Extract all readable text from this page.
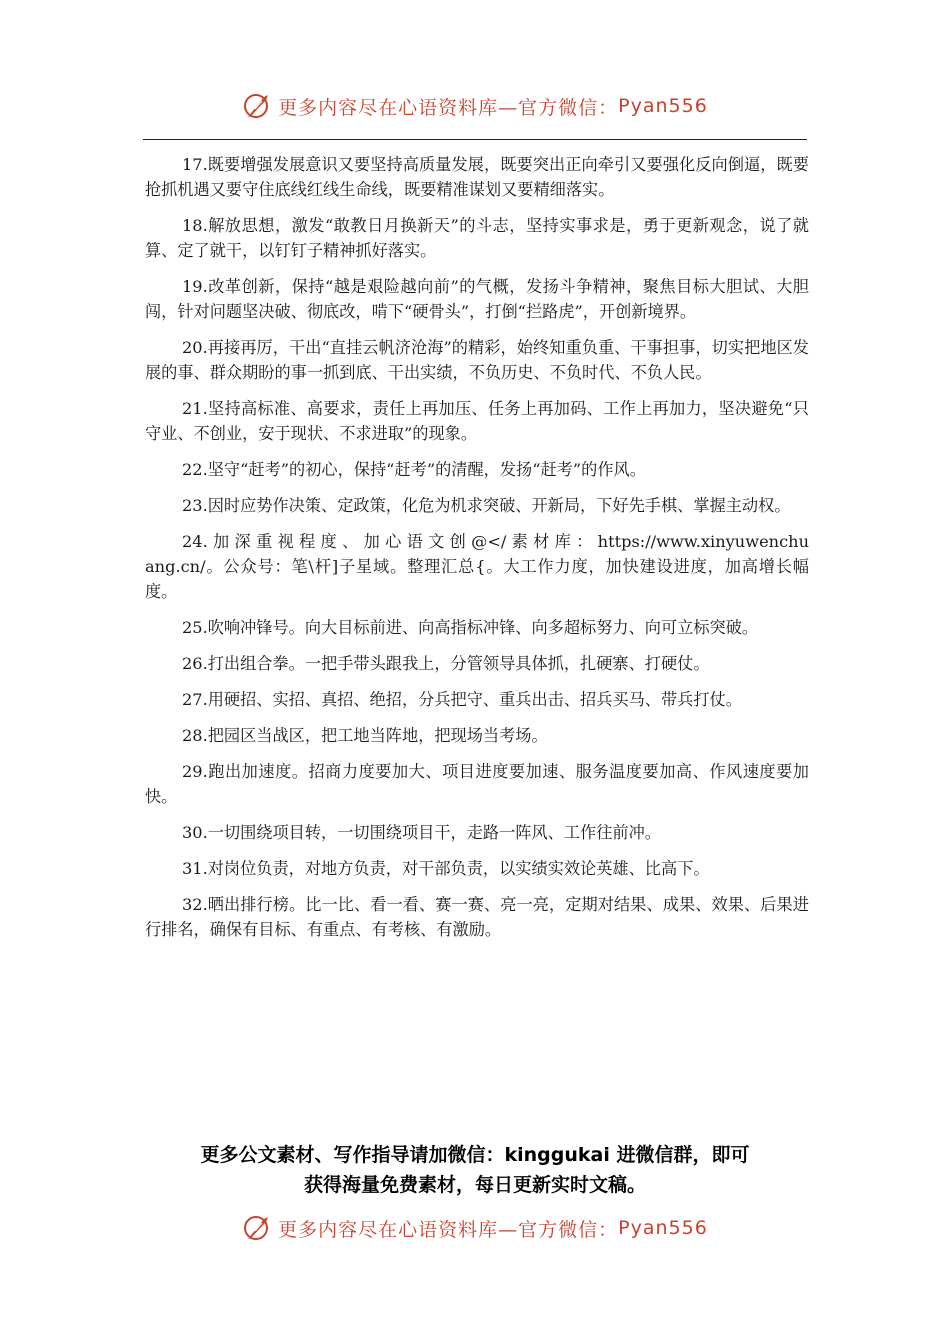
更多内容尽在心语资料库—官方微信： Pyan556

17.既要增强发展意识又要坚持高质量发展，既要突出正向牵引又要强化反向倒逼，既要抢抓机遇又要守住底线红线生命线，既要精准谋划又要精细落实。

18.解放思想，激发“敢教日月换新天”的斗志，坚持实事求是，勇于更新观念，说了就算、定了就干，以钉钉子精神抓好落实。

19.改革创新，保持“越是艰险越向前”的气概，发扬斗争精神，聚焦目标大胆试、大胆闯，针对问题坚决破、彻底改，啃下“硬骨头”，打倒“拦路虎”，开创新境界。

20.再接再厉，干出“直挂云帆济沧海”的精彩，始终知重负重、干事担事，切实把地区发展的事、群众期盼的事一抓到底、干出实绩，不负历史、不负时代、不负人民。

21.坚持高标准、高要求，责任上再加压、任务上再加码、工作上再加力，坚决避免“只守业、不创业，安于现状、不求进取”的现象。

22.坚守“赶考”的初心，保持“赶考”的清醒，发扬“赶考”的作风。

23.因时应势作决策、定政策，化危为机求突破、开新局，下好先手棋、掌握主动权。

24. 加 深 重 视 程 度 、 加 心 语 文 创 @</ 素 材 库 ： https://www.xinyuwenchuang.cn/。公众号：笔\杆]子星域。整理汇总{。大工作力度，加快建设进度，加高增长幅度。

25.吹响冲锋号。向大目标前进、向高指标冲锋、向多超标努力、向可立标突破。

26.打出组合拳。一把手带头跟我上，分管领导具体抓，扎硬寨、打硬仗。

27.用硬招、实招、真招、绝招，分兵把守、重兵出击、招兵买马、带兵打仗。

28.把园区当战区，把工地当阵地，把现场当考场。

29.跑出加速度。招商力度要加大、项目进度要加速、服务温度要加高、作风速度要加快。

30.一切围绕项目转，一切围绕项目干，走路一阵风、工作往前冲。

31.对岗位负责，对地方负责，对干部负责，以实绩实效论英雄、比高下。

32.晒出排行榜。比一比、看一看、赛一赛、亮一亮，定期对结果、成果、效果、后果进行排名，确保有目标、有重点、有考核、有激励。

更多公文素材、写作指导请加微信：kinggukai 进微信群，即可
获得海量免费素材，每日更新实时文稿。
更多内容尽在心语资料库—官方微信： Pyan556
